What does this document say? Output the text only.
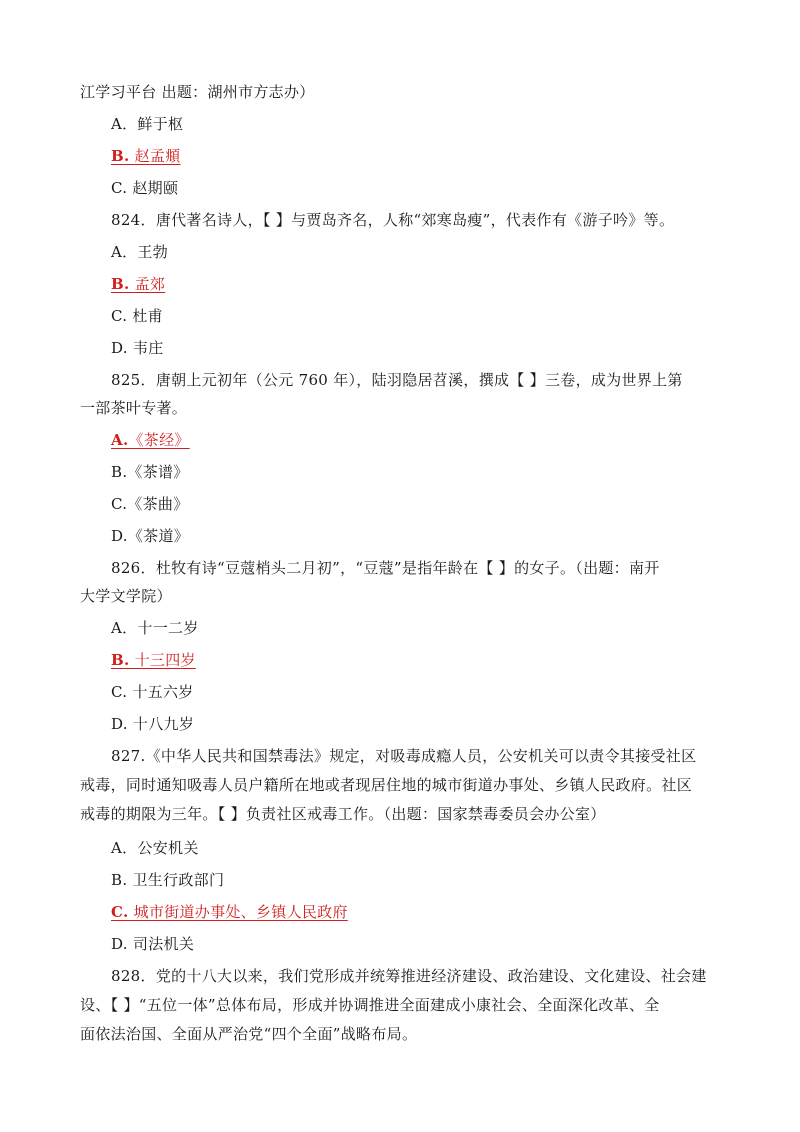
江学习平台 出题：湖州市方志办）
A．鲜于枢
B. 赵孟頫
C. 赵期颐
824．唐代著名诗人，【 】与贾岛齐名，人称“郊寒岛瘦”，代表作有《游子吟》等。
A．王勃
B. 孟郊
C. 杜甫
D. 韦庄
825．唐朝上元初年（公元 760 年），陆羽隐居苕溪，撰成【 】三卷，成为世界上第
一部茶叶专著。
A.《茶经》
B.《茶谱》
C.《茶曲》
D.《茶道》
826．杜牧有诗“豆蔻梢头二月初”，“豆蔻”是指年龄在【 】的女子。（出题：南开
大学文学院）
A．十一二岁
B. 十三四岁
C. 十五六岁
D. 十八九岁
827.《中华人民共和国禁毒法》规定，对吸毒成瘾人员，公安机关可以责令其接受社区
戒毒，同时通知吸毒人员户籍所在地或者现居住地的城市街道办事处、乡镇人民政府。社区
戒毒的期限为三年。【 】负责社区戒毒工作。（出题：国家禁毒委员会办公室）
A．公安机关
B. 卫生行政部门
C. 城市街道办事处、乡镇人民政府
D. 司法机关
828．党的十八大以来，我们党形成并统筹推进经济建设、政治建设、文化建设、社会建
设、【 】“五位一体”总体布局，形成并协调推进全面建成小康社会、全面深化改革、全
面依法治国、全面从严治党“四个全面”战略布局。
